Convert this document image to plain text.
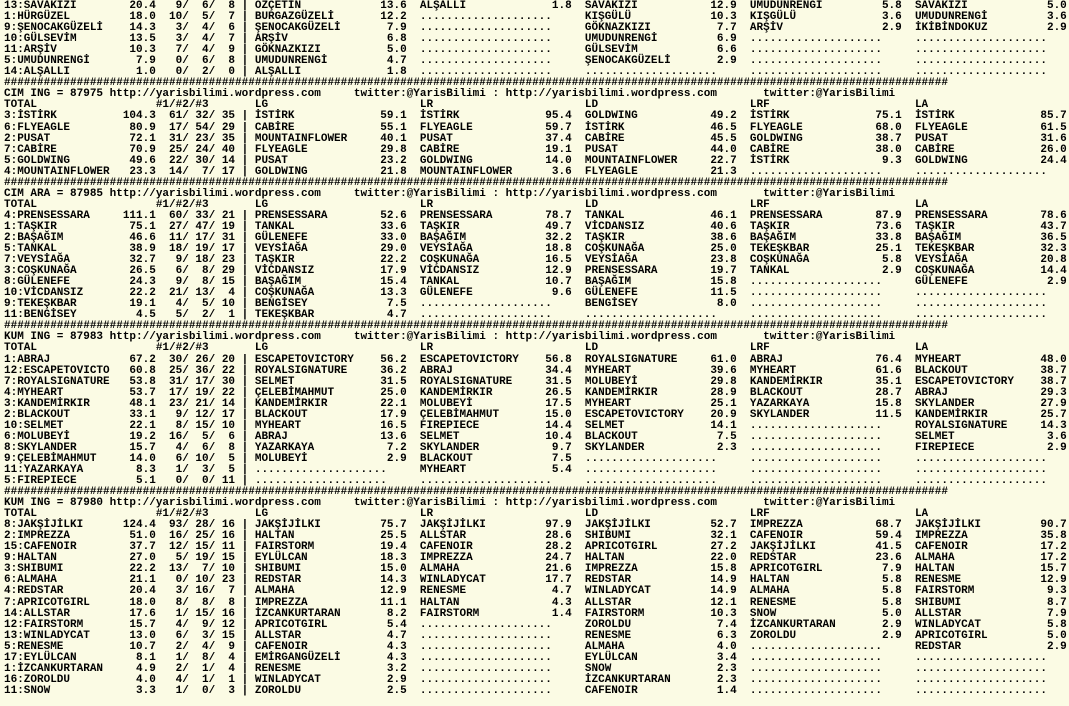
13:SAVAKIZI        20.4   9/  6/  8 | ÖZÇETİN            13.6  ALŞALLI             1.8  SAVAKIZI           12.9  UMUDUNRENGİ         5.8  SAVAKIZI            5.0
1:HÜRGÜZEL         18.0  10/  5/  7 | BURGAZGÜZELİ       12.2  ....................     KIŞGÜLÜ            10.3  KIŞGÜLÜ             3.6  UMUDUNRENGİ         3.6
9:ŞENOCAKGÜZELİ    14.3   3/  4/  6 | ŞENOCAKGÜZELİ       7.9  ....................     GÖKNAZKIZI          7.7  ARŞİV               2.9  İKİBİNDOKUZ         2.9
10:GÜLSEVİM        13.5   3/  4/  7 | ARŞİV               6.8  ....................     UMUDUNRENGİ         6.9  ....................     ....................
11:ARŞİV           10.3   7/  4/  9 | GÖKNAZKIZI          5.0  ....................     GÜLSEVİM            6.6  ....................     ....................
5:UMUDUNRENGİ       7.9   0/  6/  8 | UMUDUNRENGİ         4.7  ....................     ŞENOCAKGÜZELİ       2.9  ....................     ....................
14:ALŞALLI          1.0   0/  2/  0 | ALŞALLI             1.8  ....................     ....................     ....................     ....................
###############################################################################################################################################
CIM ING = 87975 http://yarisbilimi.wordpress.com     twitter:@YarisBilimi : http://yarisbilimi.wordpress.com       twitter:@YarisBilimi
TOTAL                  #1/#2/#3       LG                       LR                       LD                       LRF                      LA
3:İSTİRK          104.3  61/ 32/ 35 | İSTİRK             59.1  İSTİRK             95.4  GOLDWING           49.2  İSTİRK             75.1  İSTİRK             85.7
6:FLYEAGLE         80.9  17/ 54/ 29 | CABİRE             55.1  FLYEAGLE           59.7  İSTİRK             46.5  FLYEAGLE           68.0  FLYEAGLE           61.5
2:PUSAT            72.1  31/ 23/ 35 | MOUNTAINFLOWER     40.1  PUSAT              37.4  CABİRE             45.5  GOLDWING           38.7  PUSAT              31.6
7:CABİRE           70.9  25/ 24/ 40 | FLYEAGLE           29.8  CABİRE             19.1  PUSAT              44.0  CABİRE             38.0  CABİRE             26.0
5:GOLDWING         49.6  22/ 30/ 14 | PUSAT              23.2  GOLDWING           14.0  MOUNTAINFLOWER     22.7  İSTİRK              9.3  GOLDWING           24.4
4:MOUNTAINFLOWER   23.3  14/  7/ 17 | GOLDWING           21.8  MOUNTAINFLOWER      3.6  FLYEAGLE           21.3  ....................     ....................
###############################################################################################################################################
CIM ARA = 87985 http://yarisbilimi.wordpress.com     twitter:@YarisBilimi : http://yarisbilimi.wordpress.com       twitter:@YarisBilimi
TOTAL                  #1/#2/#3       LG                       LR                       LD                       LRF                      LA
4:PRENSESSARA     111.1  60/ 33/ 21 | PRENSESSARA        52.6  PRENSESSARA        78.7  TANKAL             46.1  PRENSESSARA        87.9  PRENSESSARA        78.6
1:TAŞKIR           75.1  27/ 47/ 19 | TANKAL             33.6  TAŞKIR             49.7  VİCDANSIZ          40.6  TAŞKIR             73.6  TAŞKIR             43.7
2:BAŞAĞIM          46.6  11/ 17/ 31 | GÜLENEFE           33.0  BAŞAĞIM            32.2  TAŞKIR             38.6  BAŞAĞIM            33.8  BAŞAĞIM            36.5
5:TANKAL           38.9  18/ 19/ 17 | VEYSİAĞA           29.0  VEYSİAĞA           18.8  COŞKUNAĞA          25.0  TEKEŞKBAR          25.1  TEKEŞKBAR          32.3
7:VEYSİAĞA         32.7   9/ 18/ 23 | TAŞKIR             22.2  COŞKUNAĞA          16.5  VEYSİAĞA           23.8  COŞKUNAĞA           5.8  VEYSİAĞA           20.8
3:COŞKUNAĞA        26.5   6/  8/ 29 | VİCDANSIZ          17.9  VİCDANSIZ          12.9  PRENSESSARA        19.7  TANKAL              2.9  COŞKUNAĞA          14.4
8:GÜLENEFE         24.3   9/  8/ 15 | BAŞAĞIM            15.4  TANKAL             10.7  BAŞAĞIM            15.8  ....................     GÜLENEFE            2.9
10:VİCDANSIZ       22.2  21/ 13/  4 | COŞKUNAĞA          13.3  GÜLENEFE            9.6  GÜLENEFE           11.5  ....................     ....................
9:TEKEŞKBAR        19.1   4/  5/ 10 | BENGİSEY            7.5  ....................     BENGİSEY            8.0  ....................     ....................
11:BENGİSEY         4.5   5/  2/  1 | TEKEŞKBAR           4.7  ....................     ....................     ....................     ....................
###############################################################################################################################################
KUM ING = 87983 http://yarisbilimi.wordpress.com     twitter:@YarisBilimi : http://yarisbilimi.wordpress.com       twitter:@YarisBilimi
TOTAL                  #1/#2/#3       LG                       LR                       LD                       LRF                      LA
1:ABRAJ            67.2  30/ 26/ 20 | ESCAPETOVICTORY    56.2  ESCAPETOVICTORY    56.8  ROYALSIGNATURE     61.0  ABRAJ              76.4  MYHEART            48.0
12:ESCAPETOVICTO   60.8  25/ 36/ 22 | ROYALSIGNATURE     36.2  ABRAJ              34.4  MYHEART            39.6  MYHEART            61.6  BLACKOUT           38.7
7:ROYALSIGNATURE   53.8  31/ 17/ 30 | SELMET             31.5  ROYALSIGNATURE     31.5  MOLUBEYİ           29.8  KANDEMİRKIR        35.1  ESCAPETOVICTORY    38.7
4:MYHEART          53.7  17/ 19/ 22 | ÇELEBİMAHMUT       25.0  KANDEMİRKIR        26.5  KANDEMİRKIR        28.9  BLACKOUT           28.7  ABRAJ              29.3
3:KANDEMİRKIR      48.1  23/ 21/ 14 | KANDEMİRKIR        22.1  MOLUBEYİ           17.5  MYHEART            25.1  YAZARKAYA          15.8  SKYLANDER          27.9
2:BLACKOUT         33.1   9/ 12/ 17 | BLACKOUT           17.9  ÇELEBİMAHMUT       15.0  ESCAPETOVICTORY    20.9  SKYLANDER          11.5  KANDEMİRKIR        25.7
10:SELMET          22.1   8/ 15/ 10 | MYHEART            16.5  FIREPIECE          14.4  SELMET             14.1  ....................     ROYALSIGNATURE     14.3
6:MOLUBEYİ         19.2  16/  5/  6 | ABRAJ              13.6  SELMET             10.4  BLACKOUT            7.5  ....................     SELMET              3.6
8:SKYLANDER        15.7   4/  6/  8 | YAZARKAYA           7.2  SKYLANDER           9.7  SKYLANDER           2.3  ....................     FIREPIECE           2.9
9:ÇELEBİMAHMUT     14.0   6/ 10/  5 | MOLUBEYİ            2.9  BLACKOUT            7.5  ....................     ....................     ....................
11:YAZARKAYA        8.3   1/  3/  5 | ....................     MYHEART             5.4  ....................     ....................     ....................
5:FIREPIECE         5.1   0/  0/ 11 | ....................     ....................     ....................     ....................     ....................
###############################################################################################################################################
KUM ING = 87980 http://yarisbilimi.wordpress.com     twitter:@YarisBilimi : http://yarisbilimi.wordpress.com       twitter:@YarisBilimi
TOTAL                  #1/#2/#3       LG                       LR                       LD                       LRF                      LA
8:JAKŞİJİLKI      124.4  93/ 28/ 16 | JAKŞİJİLKI         75.7  JAKŞİJİLKI         97.9  JAKŞİJİLKI         52.7  IMPREZZA           68.7  JAKŞİJİLKI         90.7
2:IMPREZZA         51.0  16/ 25/ 16 | HALTAN             25.5  ALLSTAR            28.6  SHIBUMI            32.1  CAFENOIR           59.4  IMPREZZA           35.8
15:CAFENOIR        37.7  12/ 15/ 11 | FAIRSTORM          19.4  CAFENOIR           28.2  APRICOTGIRL        27.2  JAKŞİJİLKI         41.5  CAFENOIR           17.2
9:HALTAN           27.0   5/ 19/ 15 | EYLÜLCAN           18.3  IMPREZZA           24.7  HALTAN             22.0  REDSTAR            23.6  ALMAHA             17.2
3:SHIBUMI          22.2  13/  7/ 10 | SHIBUMI            15.0  ALMAHA             21.6  IMPREZZA           15.8  APRICOTGIRL         7.9  HALTAN             15.7
6:ALMAHA           21.1   0/ 10/ 23 | REDSTAR            14.3  WINLADYCAT         17.7  REDSTAR            14.9  HALTAN              5.8  RENESME            12.9
4:REDSTAR          20.4   3/ 16/  7 | ALMAHA             12.9  RENESME             4.7  WINLADYCAT         14.9  ALMAHA              5.8  FAIRSTORM           9.3
7:APRICOTGIRL      18.0   8/  8/  8 | IMPREZZA           11.1  HALTAN              4.3  ALLSTAR            12.1  RENESME             5.8  SHIBUMI             8.7
14:ALLSTAR         17.6   1/ 15/ 16 | İZCANKURTARAN       8.2  FAIRSTORM           1.4  FAIRSTORM          10.3  SNOW                5.0  ALLSTAR             7.9
12:FAIRSTORM       15.7   4/  9/ 12 | APRICOTGIRL         5.4  ....................     ZOROLDU             7.4  İZCANKURTARAN       2.9  WINLADYCAT          5.8
13:WINLADYCAT      13.0   6/  3/ 15 | ALLSTAR             4.7  ....................     RENESME             6.3  ZOROLDU             2.9  APRICOTGIRL         5.0
5:RENESME          10.7   2/  4/  9 | CAFENOIR            4.3  ....................     ALMAHA              4.0  ....................     REDSTAR             2.9
17:EYLÜLCAN         8.1   1/  8/  4 | EMİRGANGÜZELİ       4.3  ....................     EYLÜLCAN            3.4  ....................     ....................
1:İZCANKURTARAN     4.9   2/  1/  4 | RENESME             3.2  ....................     SNOW                2.3  ....................     ....................
16:ZOROLDU          4.0   4/  1/  1 | WINLADYCAT          2.9  ....................     İZCANKURTARAN       2.3  ....................     ....................
11:SNOW             3.3   1/  0/  3 | ZOROLDU             2.5  ....................     CAFENOIR            1.4  ....................     ....................
